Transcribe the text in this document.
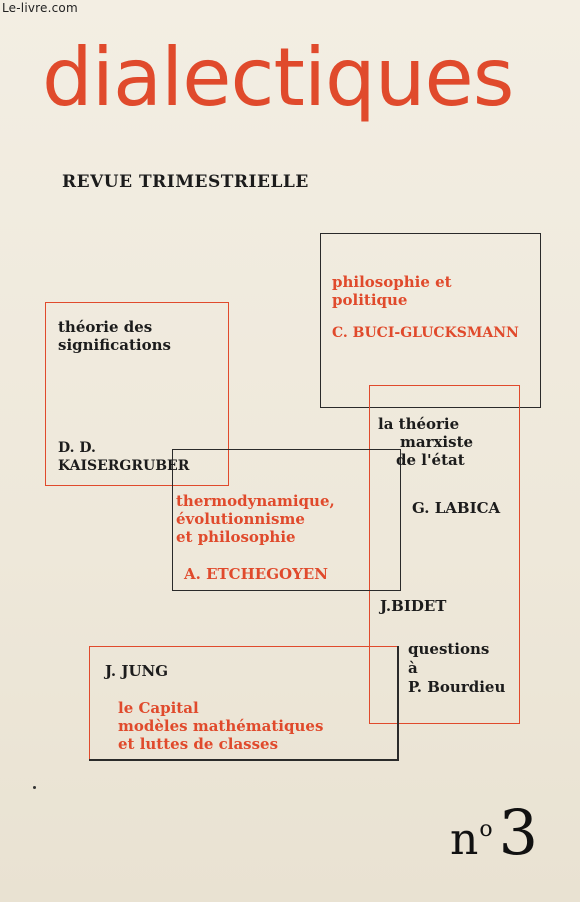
Le-livre.com
dialectiques
REVUE TRIMESTRIELLE
philosophie et
politique
C. BUCI-GLUCKSMANN
théorie des
significations
D. D.
KAISERGRUBER
la théorie
marxiste
de l'état
G. LABICA
thermodynamique,
évolutionnisme
et philosophie
A. ETCHEGOYEN
J.BIDET
questions
à
P. Bourdieu
J. JUNG
le Capital
modèles mathématiques
et luttes de classes
no3
